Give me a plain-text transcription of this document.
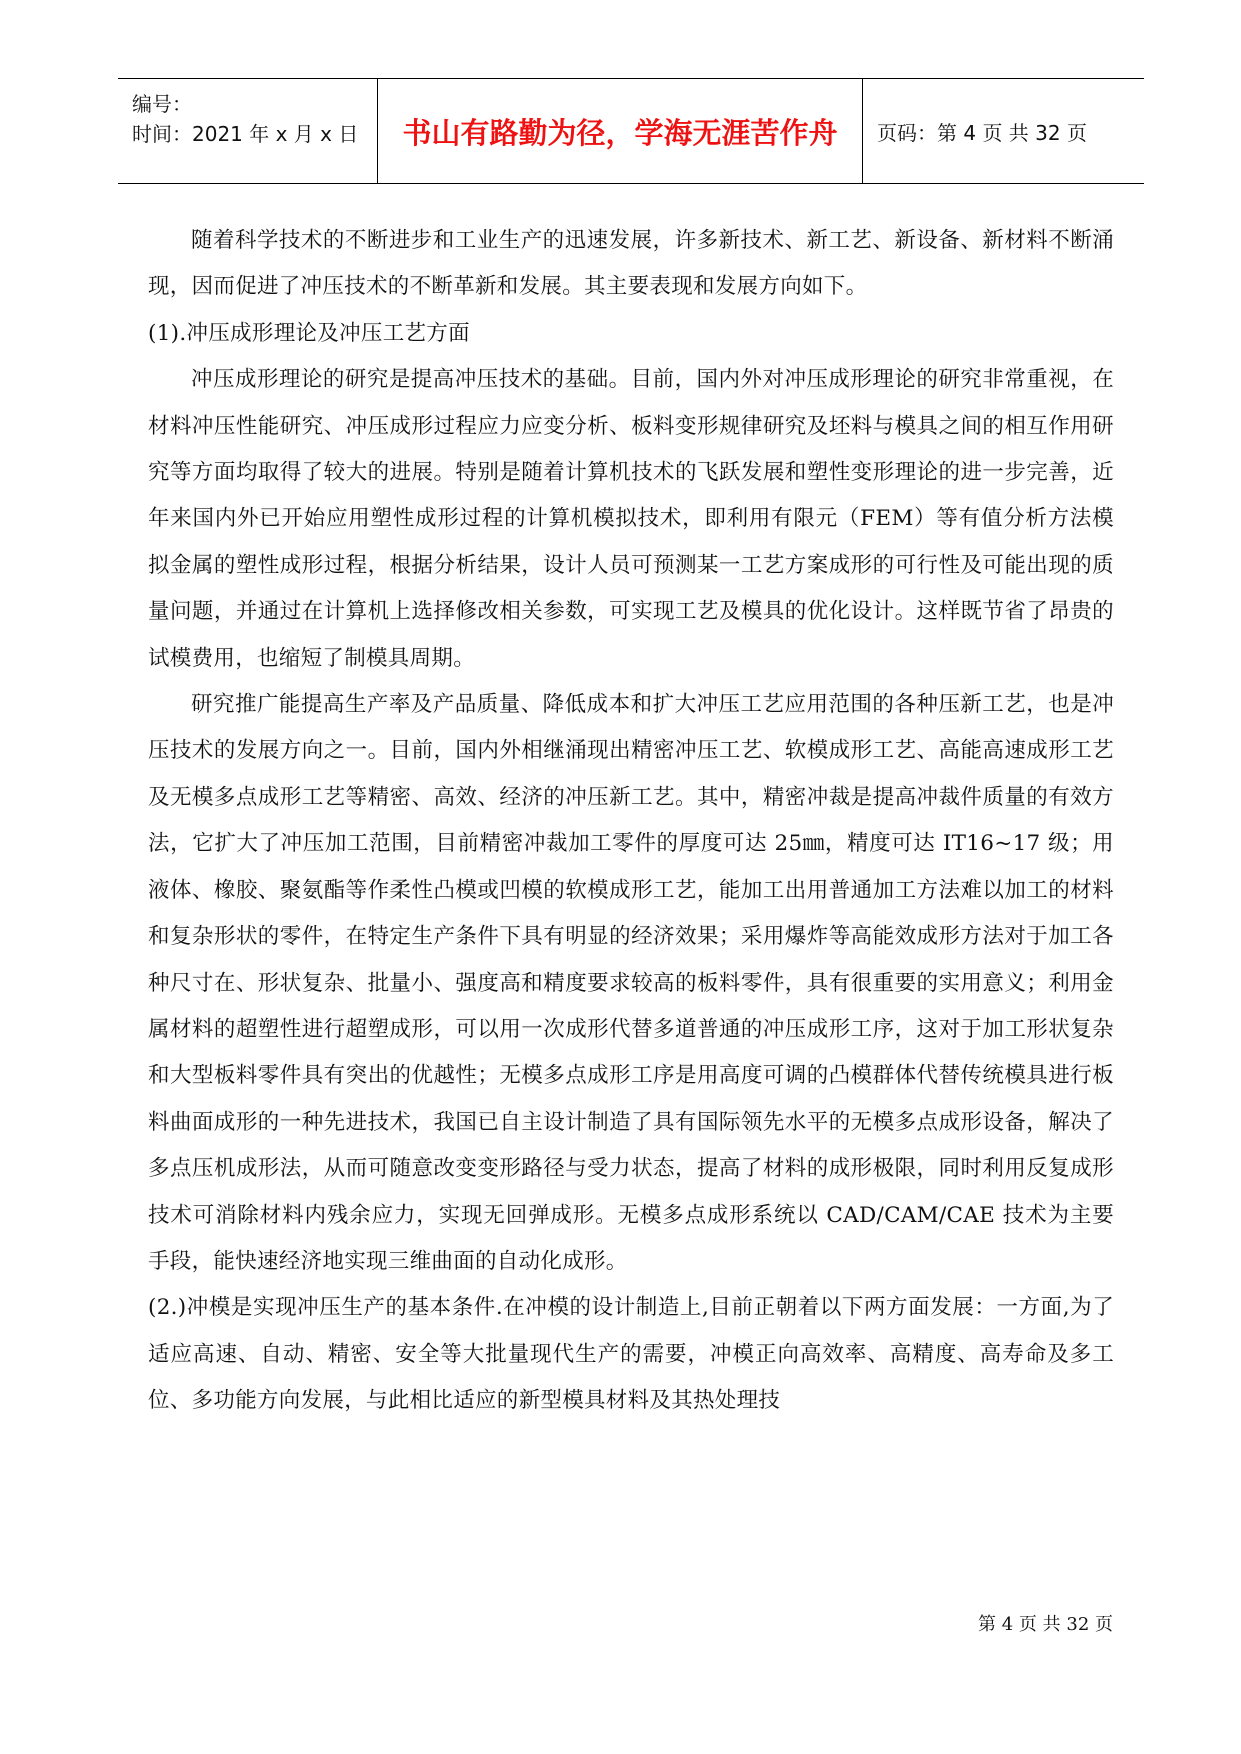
编号：
时间：2021 年 x 月 x 日	书山有路勤为径，学海无涯苦作舟	页码：第 4 页 共 32 页

随着科学技术的不断进步和工业生产的迅速发展，许多新技术、新工艺、新设备、新材料不断涌现，因而促进了冲压技术的不断革新和发展。其主要表现和发展方向如下。

(1).冲压成形理论及冲压工艺方面

冲压成形理论的研究是提高冲压技术的基础。目前，国内外对冲压成形理论的研究非常重视，在材料冲压性能研究、冲压成形过程应力应变分析、板料变形规律研究及坯料与模具之间的相互作用研究等方面均取得了较大的进展。特别是随着计算机技术的飞跃发展和塑性变形理论的进一步完善，近年来国内外已开始应用塑性成形过程的计算机模拟技术，即利用有限元（FEM）等有值分析方法模拟金属的塑性成形过程，根据分析结果，设计人员可预测某一工艺方案成形的可行性及可能出现的质量问题，并通过在计算机上选择修改相关参数，可实现工艺及模具的优化设计。这样既节省了昂贵的试模费用，也缩短了制模具周期。

研究推广能提高生产率及产品质量、降低成本和扩大冲压工艺应用范围的各种压新工艺，也是冲压技术的发展方向之一。目前，国内外相继涌现出精密冲压工艺、软模成形工艺、高能高速成形工艺及无模多点成形工艺等精密、高效、经济的冲压新工艺。其中，精密冲裁是提高冲裁件质量的有效方法，它扩大了冲压加工范围，目前精密冲裁加工零件的厚度可达 25㎜，精度可达 IT16~17 级；用液体、橡胶、聚氨酯等作柔性凸模或凹模的软模成形工艺，能加工出用普通加工方法难以加工的材料和复杂形状的零件，在特定生产条件下具有明显的经济效果；采用爆炸等高能效成形方法对于加工各种尺寸在、形状复杂、批量小、强度高和精度要求较高的板料零件，具有很重要的实用意义；利用金属材料的超塑性进行超塑成形，可以用一次成形代替多道普通的冲压成形工序，这对于加工形状复杂和大型板料零件具有突出的优越性；无模多点成形工序是用高度可调的凸模群体代替传统模具进行板料曲面成形的一种先进技术，我国已自主设计制造了具有国际领先水平的无模多点成形设备，解决了多点压机成形法，从而可随意改变变形路径与受力状态，提高了材料的成形极限，同时利用反复成形技术可消除材料内残余应力，实现无回弹成形。无模多点成形系统以 CAD/CAM/CAE 技术为主要手段，能快速经济地实现三维曲面的自动化成形。

(2.)冲模是实现冲压生产的基本条件.在冲模的设计制造上,目前正朝着以下两方面发展：一方面,为了适应高速、自动、精密、安全等大批量现代生产的需要，冲模正向高效率、高精度、高寿命及多工位、多功能方向发展，与此相比适应的新型模具材料及其热处理技

第 4 页 共 32 页
